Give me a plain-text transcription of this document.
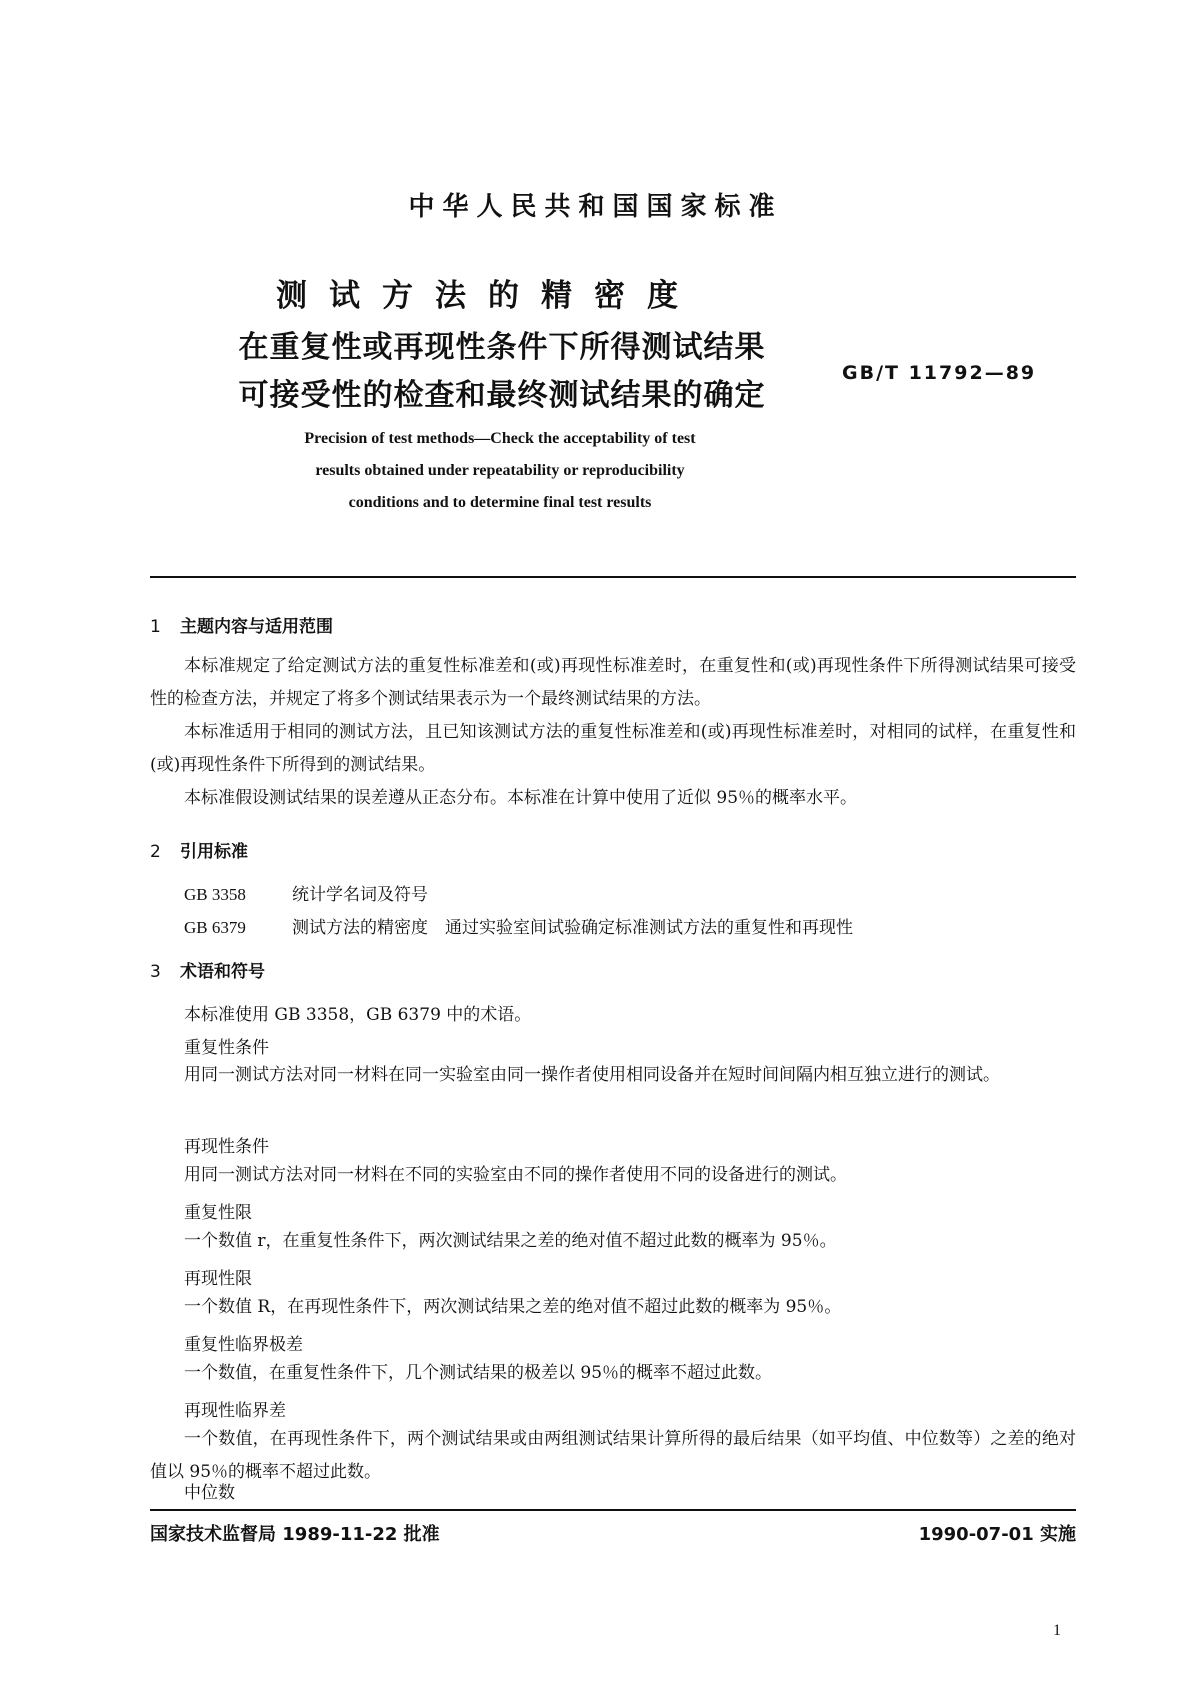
中华人民共和国国家标准
测试方法的精密度
在重复性或再现性条件下所得测试结果
可接受性的检查和最终测试结果的确定
GB/T 11792—89
Precision of test methods—Check the acceptability of test
results obtained under repeatability or reproducibility
conditions and to determine final test results
1 主题内容与适用范围
本标准规定了给定测试方法的重复性标准差和(或)再现性标准差时，在重复性和(或)再现性条件下所得测试结果可接受性的检查方法，并规定了将多个测试结果表示为一个最终测试结果的方法。
本标准适用于相同的测试方法，且已知该测试方法的重复性标准差和(或)再现性标准差时，对相同的试样，在重复性和(或)再现性条件下所得到的测试结果。
本标准假设测试结果的误差遵从正态分布。本标准在计算中使用了近似 95％的概率水平。
2 引用标准
GB 3358	统计学名词及符号
GB 6379	测试方法的精密度　通过实验室间试验确定标准测试方法的重复性和再现性
3 术语和符号
本标准使用 GB 3358，GB 6379 中的术语。
重复性条件
用同一测试方法对同一材料在同一实验室由同一操作者使用相同设备并在短时间间隔内相互独立进行的测试。
再现性条件
用同一测试方法对同一材料在不同的实验室由不同的操作者使用不同的设备进行的测试。
重复性限
一个数值 r，在重复性条件下，两次测试结果之差的绝对值不超过此数的概率为 95％。
再现性限
一个数值 R，在再现性条件下，两次测试结果之差的绝对值不超过此数的概率为 95％。
重复性临界极差
一个数值，在重复性条件下，几个测试结果的极差以 95％的概率不超过此数。
再现性临界差
一个数值，在再现性条件下，两个测试结果或由两组测试结果计算所得的最后结果（如平均值、中位数等）之差的绝对值以 95％的概率不超过此数。
中位数
国家技术监督局 1989-11-22 批准	1990-07-01 实施
1
